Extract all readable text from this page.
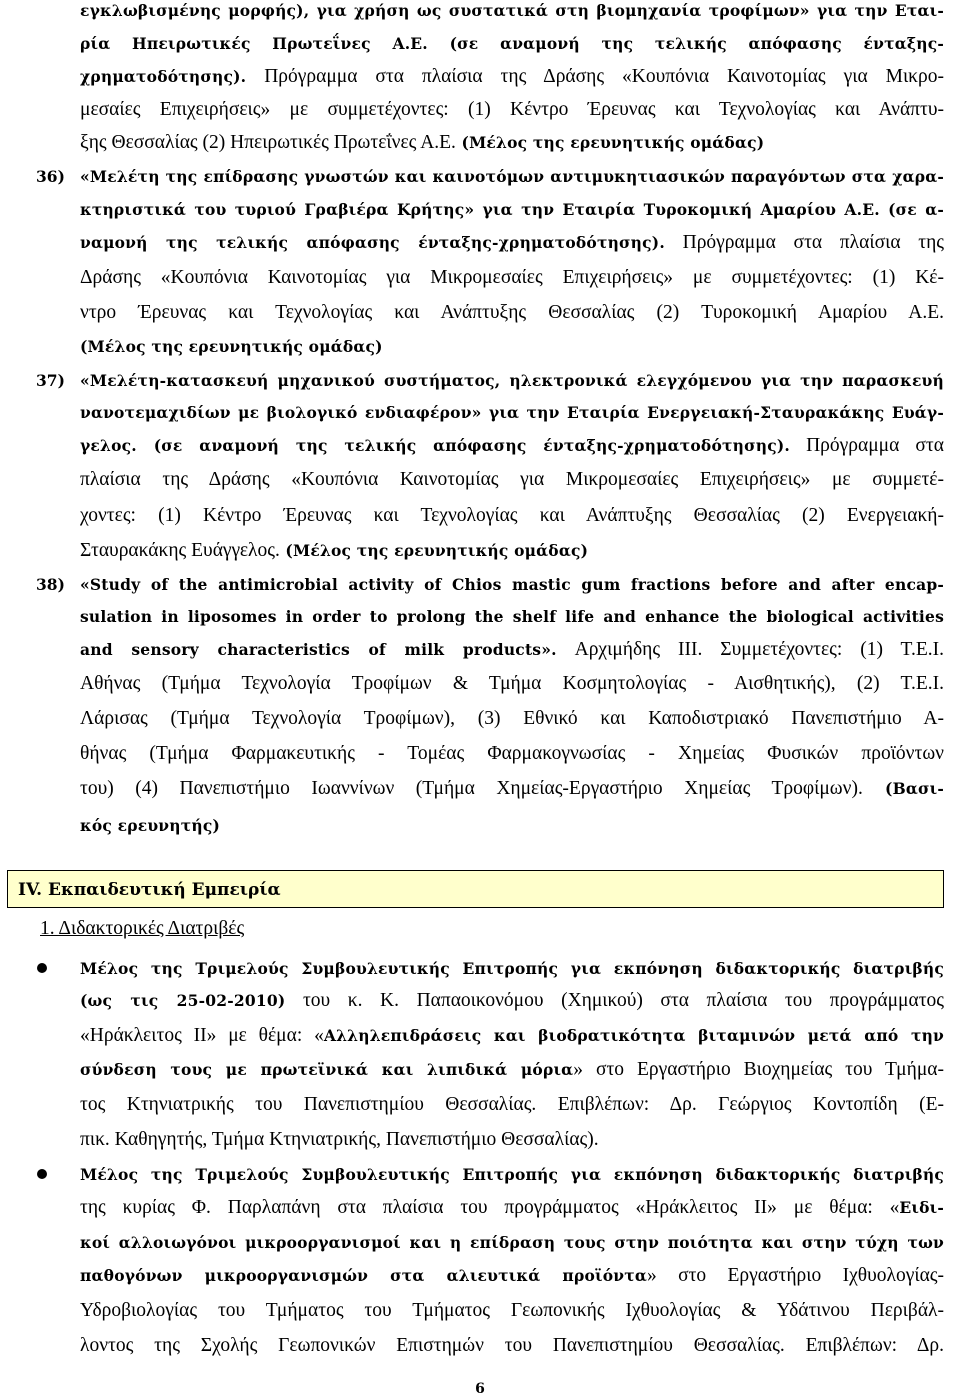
εγκλωβισμένης μορφής), για χρήση ως συστατικά στη βιομηχανία τροφίμων» για την Εται-
ρία Ηπειρωτικές Πρωτεΐνες Α.Ε. (σε αναμονή της τελικής απόφασης ένταξης-
χρηματοδότησης). Πρόγραμμα στα πλαίσια της Δράσης «Κουπόνια Καινοτομίας για Μικρο-
μεσαίες Επιχειρήσεις» με συμμετέχοντες: (1) Κέντρο Έρευνας και Τεχνολογίας και Ανάπτυ-
ξης Θεσσαλίας (2) Ηπειρωτικές Πρωτεΐνες Α.Ε. (Μέλος της ερευνητικής ομάδας)
36) «Μελέτη της επίδρασης γνωστών και καινοτόμων αντιμυκητιασικών παραγόντων στα χαρα-
κτηριστικά του τυριού Γραβιέρα Κρήτης» για την Εταιρία Τυροκομική Αμαρίου Α.Ε. (σε α-
ναμονή της τελικής απόφασης ένταξης-χρηματοδότησης). Πρόγραμμα στα πλαίσια της
Δράσης «Κουπόνια Καινοτομίας για Μικρομεσαίες Επιχειρήσεις» με συμμετέχοντες: (1) Κέ-
ντρο Έρευνας και Τεχνολογίας και Ανάπτυξης Θεσσαλίας (2) Τυροκομική Αμαρίου Α.Ε.
(Μέλος της ερευνητικής ομάδας)
37) «Μελέτη-κατασκευή μηχανικού συστήματος, ηλεκτρονικά ελεγχόμενου για την παρασκευή
νανοτεμαχιδίων με βιολογικό ενδιαφέρον» για την Εταιρία Ενεργειακή-Σταυρακάκης Ευάγ-
γελος. (σε αναμονή της τελικής απόφασης ένταξης-χρηματοδότησης). Πρόγραμμα στα
πλαίσια της Δράσης «Κουπόνια Καινοτομίας για Μικρομεσαίες Επιχειρήσεις» με συμμετέ-
χοντες: (1) Κέντρο Έρευνας και Τεχνολογίας και Ανάπτυξης Θεσσαλίας (2) Ενεργειακή-
Σταυρακάκης Ευάγγελος. (Μέλος της ερευνητικής ομάδας)
38) «Study of the antimicrobial activity of Chios mastic gum fractions before and after encap-
sulation in liposomes in order to prolong the shelf life and enhance the biological activities
and sensory characteristics of milk products». Αρχιμήδης ΙΙΙ. Συμμετέχοντες: (1) Τ.Ε.Ι.
Αθήνας (Τμήμα Τεχνολογία Τροφίμων & Τμήμα Κοσμητολογίας - Αισθητικής), (2) Τ.Ε.Ι.
Λάρισας (Τμήμα Τεχνολογία Τροφίμων), (3) Εθνικό και Καποδιστριακό Πανεπιστήμιο Α-
θήνας (Τμήμα Φαρμακευτικής - Τομέας Φαρμακογνωσίας - Χημείας Φυσικών προϊόντων
του) (4) Πανεπιστήμιο Ιωαννίνων (Τμήμα Χημείας-Εργαστήριο Χημείας Τροφίμων). (Βασι-
κός ερευνητής)
IV. Εκπαιδευτική Εμπειρία
1. Διδακτορικές Διατριβές
Μέλος της Τριμελούς Συμβουλευτικής Επιτροπής για εκπόνηση διδακτορικής διατριβής
(ως τις 25-02-2010) του κ. Κ. Παπαοικονόμου (Χημικού) στα πλαίσια του προγράμματος
«Ηράκλειτος ΙΙ» με θέμα: «Αλληλεπιδράσεις και βιοδρατικότητα βιταμινών μετά από την
σύνδεση τους με πρωτεϊνικά και λιπιδικά μόρια» στο Εργαστήριο Βιοχημείας του Τμήμα-
τος Κτηνιατρικής του Πανεπιστημίου Θεσσαλίας. Επιβλέπων: Δρ. Γεώργιος Κοντοπίδη (Ε-
πικ. Καθηγητής, Τμήμα Κτηνιατρικής, Πανεπιστήμιο Θεσσαλίας).
Μέλος της Τριμελούς Συμβουλευτικής Επιτροπής για εκπόνηση διδακτορικής διατριβής
της κυρίας Φ. Παρλαπάνη στα πλαίσια του προγράμματος «Ηράκλειτος ΙΙ» με θέμα: «Ειδι-
κοί αλλοιωγόνοι μικροοργανισμοί και η επίδραση τους στην ποιότητα και στην τύχη των
παθογόνων μικροοργανισμών στα αλιευτικά προϊόντα» στο Εργαστήριο Ιχθυολογίας-
Υδροβιολογίας του Τμήματος του Τμήματος Γεωπονικής Ιχθυολογίας & Υδάτινου Περιβάλ-
λοντος της Σχολής Γεωπονικών Επιστημών του Πανεπιστημίου Θεσσαλίας. Επιβλέπων: Δρ.
6
